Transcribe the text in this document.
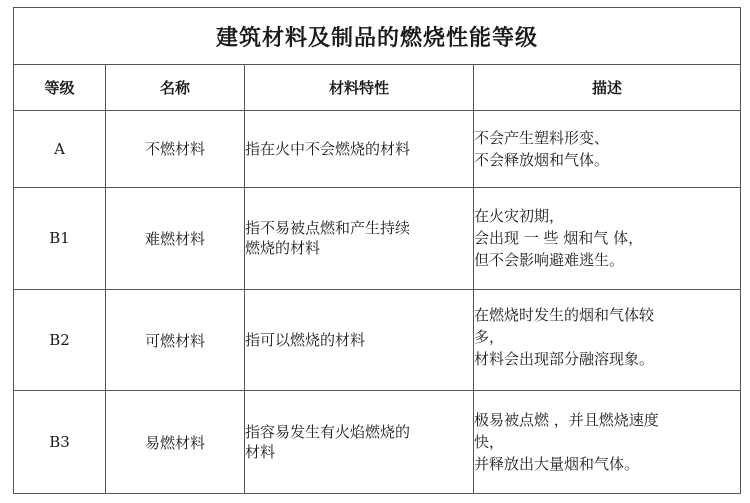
建筑材料及制品的燃烧性能等级			
等级	名称	材料特性	描述
A	不燃材料	指在火中不会燃烧的材料	不会产生塑料形变、
不会释放烟和气体。

B1	难燃材料	指不易被点燃和产生持续
燃烧的材料	在火灾初期，
会出现 一 些 烟和气 体，
但不会影响避难逃生。

B2	可燃材料	指可以燃烧的材料	在燃烧时发生的烟和气体较
多，
材料会出现部分融溶现象。

B3	易燃材料	指容易发生有火焰燃烧的
材料	极易被点燃 ，并且燃烧速度
快，
并释放出大量烟和气体。
